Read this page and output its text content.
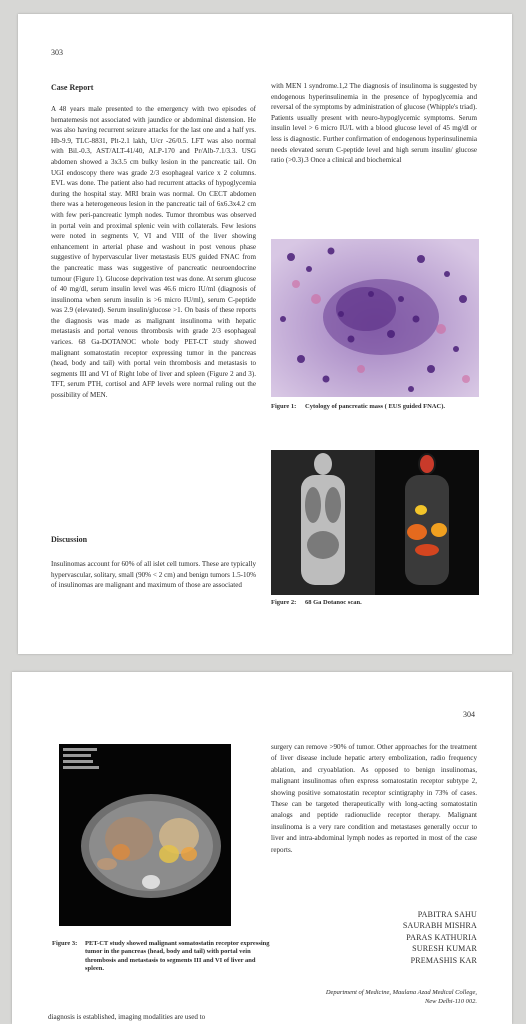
303
Case Report

A 48 years male presented to the emergency with two episodes of hematemesis not associated with jaundice or abdominal distension. He was also having recurrent seizure attacks for the last one and a half yrs. Hb-9.9, TLC-8831, Plt-2.1 lakh, U/cr -26/0.5. LFT was also normal with Bil.-0.3, AST/ALT-41/40, ALP-170 and Pr/Alb-7.1/3.3. USG abdomen showed a 3x3.5 cm bulky lesion in the pancreatic tail. On UGI endoscopy there was grade 2/3 esophageal varice x 2 columns. EVL was done. The patient also had recurrent attacks of hypoglycemia during the hospital stay. MRI brain was normal. On CECT abdomen there was a heterogeneous lesion in the pancreatic tail of 6x6.3x4.2 cm with few peri-pancreatic lymph nodes. Tumor thrombus was observed in portal vein and proximal splenic vein with collaterals. Few lesions were noted in segments V, VI and VIII of the liver showing enhancement in arterial phase and washout in post venous phase suggestive of hypervascular liver metastasis EUS guided FNAC from the pancreatic mass was suggestive of pancreatic neuroendocrine tumour (Figure 1). Glucose deprivation test was done. At serum glucose of 40 mg/dl, serum insulin level was 46.6 micro IU/ml (diagnosis of insulinoma when serum insulin is >6 micro IU/ml), serum C-peptide was 2.9 (elevated). Serum insulin/glucose >1. On basis of these reports the diagnosis was made as malignant insulinoma with hepatic metastasis and portal venous thrombosis with grade 2/3 esophageal varices. 68 Ga-DOTANOC whole body PET-CT study showed malignant somatostatin receptor expressing tumor in the pancreas (head, body and tail) with portal vein thrombosis and metastasis to segments III and VI of Right lobe of liver and spleen (Figure 2 and 3). TFT, serum PTH, cortisol and AFP levels were normal ruling out the possibility of MEN.

Discussion

Insulinomas account for 60% of all islet cell tumors. These are typically hypervascular, solitary, small (90% < 2 cm) and benign tumors 1.5-10% of insulinomas are malignant and maximum of those are associated

with MEN 1 syndrome.1,2 The diagnosis of insulinoma is suggested by endogenous hyperinsulinemia in the presence of hypoglycemia and reversal of the symptoms by administration of glucose (Whipple's triad). Patients usually present with neuro-hypoglycemic symptoms. Serum insulin level > 6 micro IU/L with a blood glucose level of 45 mg/dl or less is diagnostic. Further confirmation of endogenous hyperinsulinemia needs elevated serum C-peptide level and high serum insulin/ glucose ratio (>0.3).3 Once a clinical and biochemical

Figure 1: Cytology of pancreatic mass ( EUS guided FNAC).
Figure 2: 68 Ga Dotanoc scan.
304
Figure 3: PET-CT study showed malignant somatostatin receptor expressing tumor in the pancreas (head, body and tail) with portal vein thrombosis and metastasis to segments III and VI of liver and spleen.

surgery can remove >90% of tumor. Other approaches for the treatment of liver disease include hepatic artery embolization, radio frequency ablation, and cryoablation. As opposed to benign insulinomas, malignant insulinomas often express somatostatin receptor subtype 2, showing positive somatostatin receptor scintigraphy in 73% of cases. These can be targeted therapeutically with long-acting somatostatin analogs and peptide radionuclide receptor therapy. Malignant insulinoma is a very rare condition and metastases generally occur to liver and intra-abdominal lymph nodes as reported in most of the case reports.

PABITRA SAHU
SAURABH MISHRA
PARAS KATHURIA
SURESH KUMAR
PREMASHIS KAR
Department of Medicine, Maulana Azad Medical College,
New Delhi-110 002.
diagnosis is established, imaging modalities are used to
